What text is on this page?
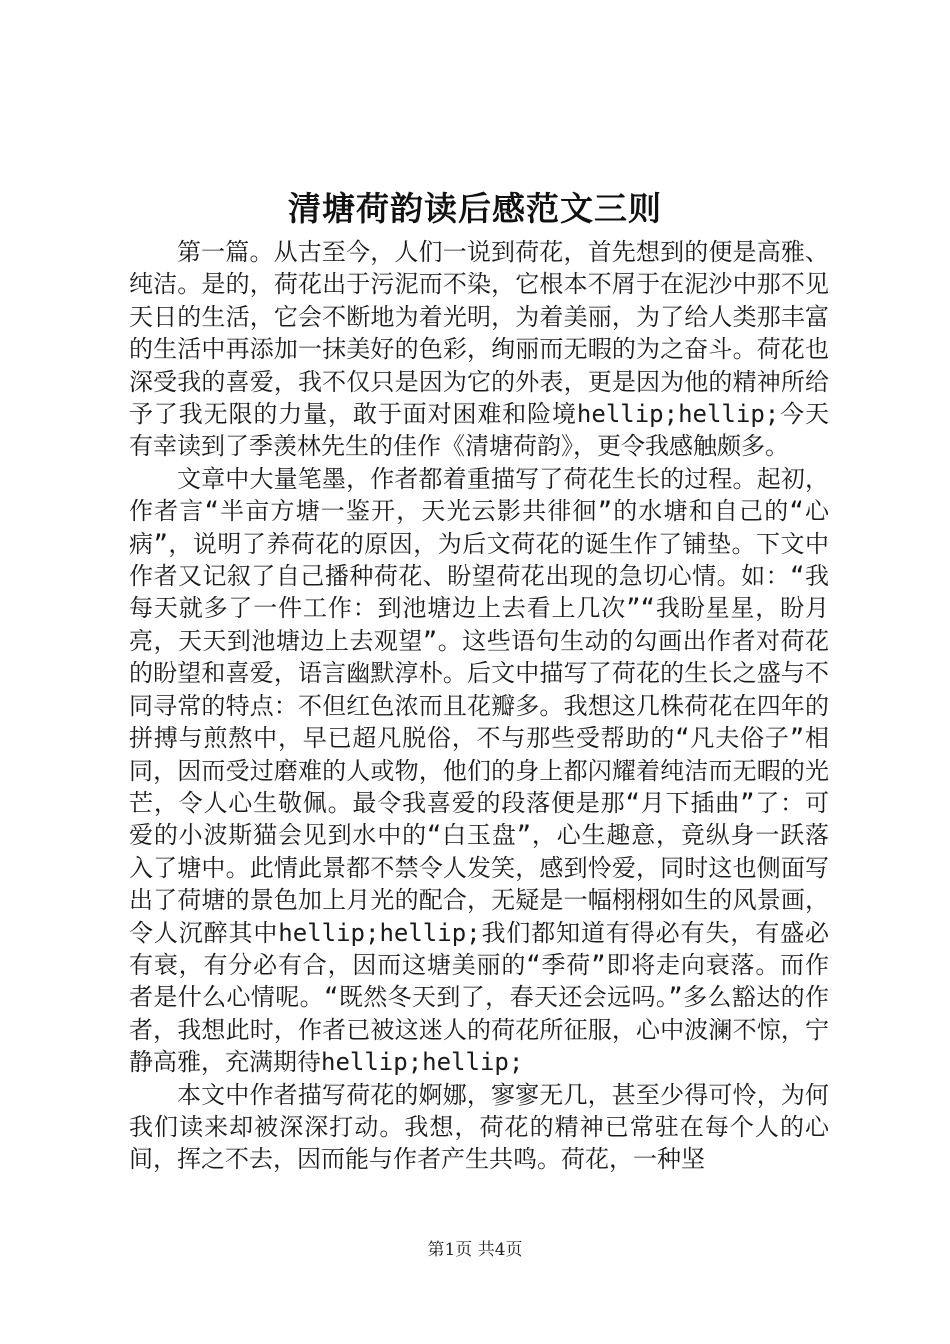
清塘荷韵读后感范文三则

第一篇。从古至今，人们一说到荷花，首先想到的便是高雅、纯洁。是的，荷花出于污泥而不染，它根本不屑于在泥沙中那不见天日的生活，它会不断地为着光明，为着美丽，为了给人类那丰富的生活中再添加一抹美好的色彩，绚丽而无暇的为之奋斗。荷花也深受我的喜爱，我不仅只是因为它的外表，更是因为他的精神所给予了我无限的力量，敢于面对困难和险境hellip;hellip;今天有幸读到了季羡林先生的佳作《清塘荷韵》，更令我感触颇多。

文章中大量笔墨，作者都着重描写了荷花生长的过程。起初，作者言“半亩方塘一鉴开，天光云影共徘徊”的水塘和自己的“心病”，说明了养荷花的原因，为后文荷花的诞生作了铺垫。下文中作者又记叙了自己播种荷花、盼望荷花出现的急切心情。如：“我每天就多了一件工作：到池塘边上去看上几次”“我盼星星，盼月亮，天天到池塘边上去观望”。这些语句生动的勾画出作者对荷花的盼望和喜爱，语言幽默淳朴。后文中描写了荷花的生长之盛与不同寻常的特点：不但红色浓而且花瓣多。我想这几株荷花在四年的拼搏与煎熬中，早已超凡脱俗，不与那些受帮助的“凡夫俗子”相同，因而受过磨难的人或物，他们的身上都闪耀着纯洁而无暇的光芒，令人心生敬佩。最令我喜爱的段落便是那“月下插曲”了：可爱的小波斯猫会见到水中的“白玉盘”，心生趣意，竟纵身一跃落入了塘中。此情此景都不禁令人发笑，感到怜爱，同时这也侧面写出了荷塘的景色加上月光的配合，无疑是一幅栩栩如生的风景画，令人沉醉其中hellip;hellip;我们都知道有得必有失，有盛必有衰，有分必有合，因而这塘美丽的“季荷”即将走向衰落。而作者是什么心情呢。“既然冬天到了，春天还会远吗。”多么豁达的作者，我想此时，作者已被这迷人的荷花所征服，心中波澜不惊，宁静高雅，充满期待hellip;hellip;

本文中作者描写荷花的婀娜，寥寥无几，甚至少得可怜，为何我们读来却被深深打动。我想，荷花的精神已常驻在每个人的心间，挥之不去，因而能与作者产生共鸣。荷花，一种坚

第1页 共4页
